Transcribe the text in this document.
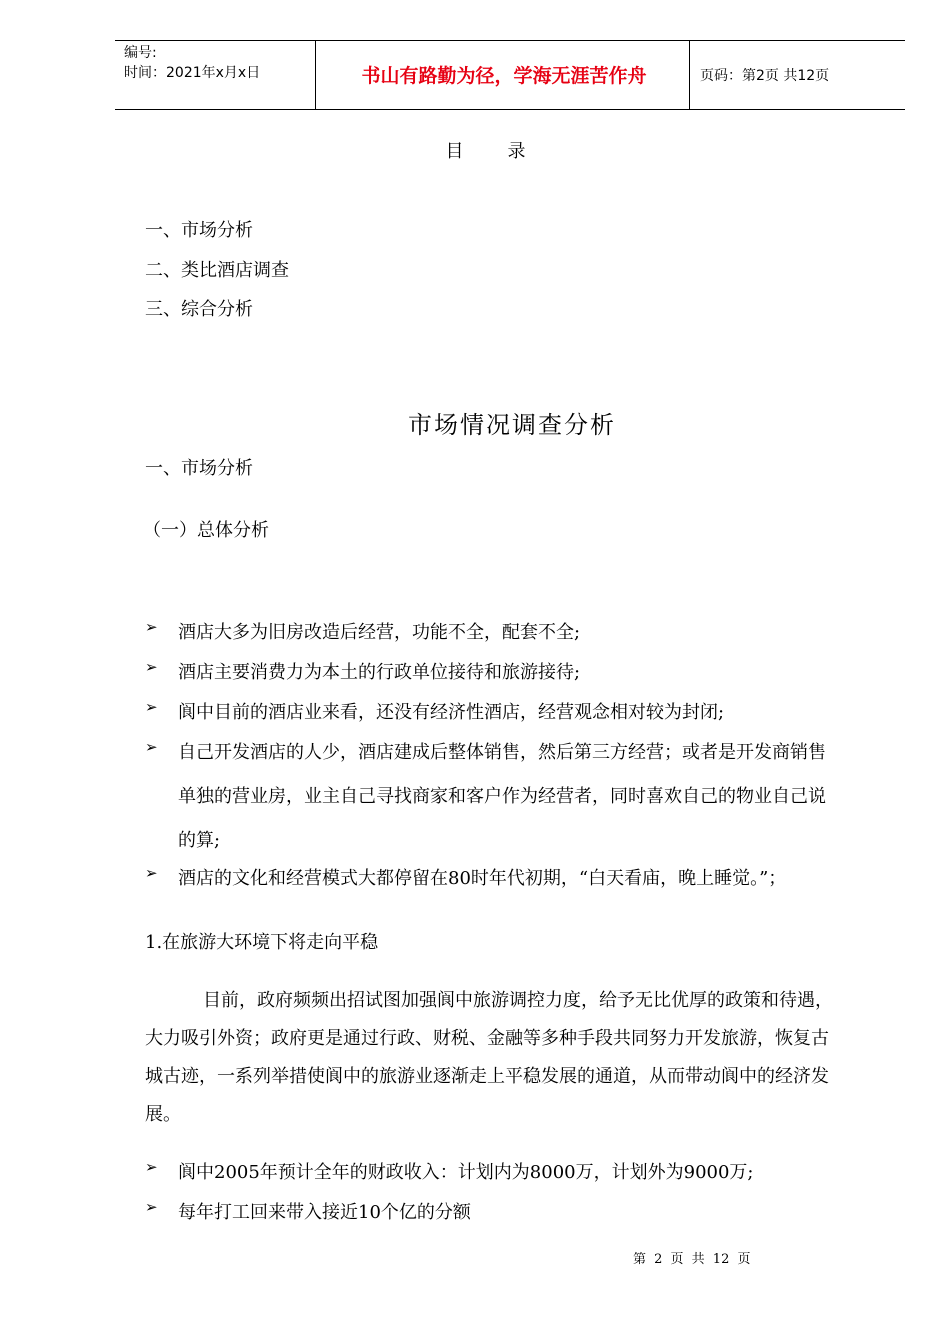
编号:
时间：2021年x月x日	书山有路勤为径，学海无涯苦作舟	页码：第2页 共12页
目录
一、市场分析
二、类比酒店调查
三、综合分析
市场情况调查分析
一、市场分析
（一）总体分析
➢ 酒店大多为旧房改造后经营，功能不全，配套不全;
➢ 酒店主要消费力为本土的行政单位接待和旅游接待;
➢ 阆中目前的酒店业来看，还没有经济性酒店，经营观念相对较为封闭;
➢ 自己开发酒店的人少，酒店建成后整体销售，然后第三方经营；或者是开发商销售
单独的营业房，业主自己寻找商家和客户作为经营者，同时喜欢自己的物业自己说
的算;
➢ 酒店的文化和经营模式大都停留在80时年代初期，“白天看庙，晚上睡觉。”；
1.在旅游大环境下将走向平稳
目前，政府频频出招试图加强阆中旅游调控力度，给予无比优厚的政策和待遇，
大力吸引外资；政府更是通过行政、财税、金融等多种手段共同努力开发旅游，恢复古
城古迹，一系列举措使阆中的旅游业逐渐走上平稳发展的通道，从而带动阆中的经济发
展。
➢ 阆中2005年预计全年的财政收入：计划内为8000万，计划外为9000万;
➢ 每年打工回来带入接近10个亿的分额
第 2 页 共 12 页
